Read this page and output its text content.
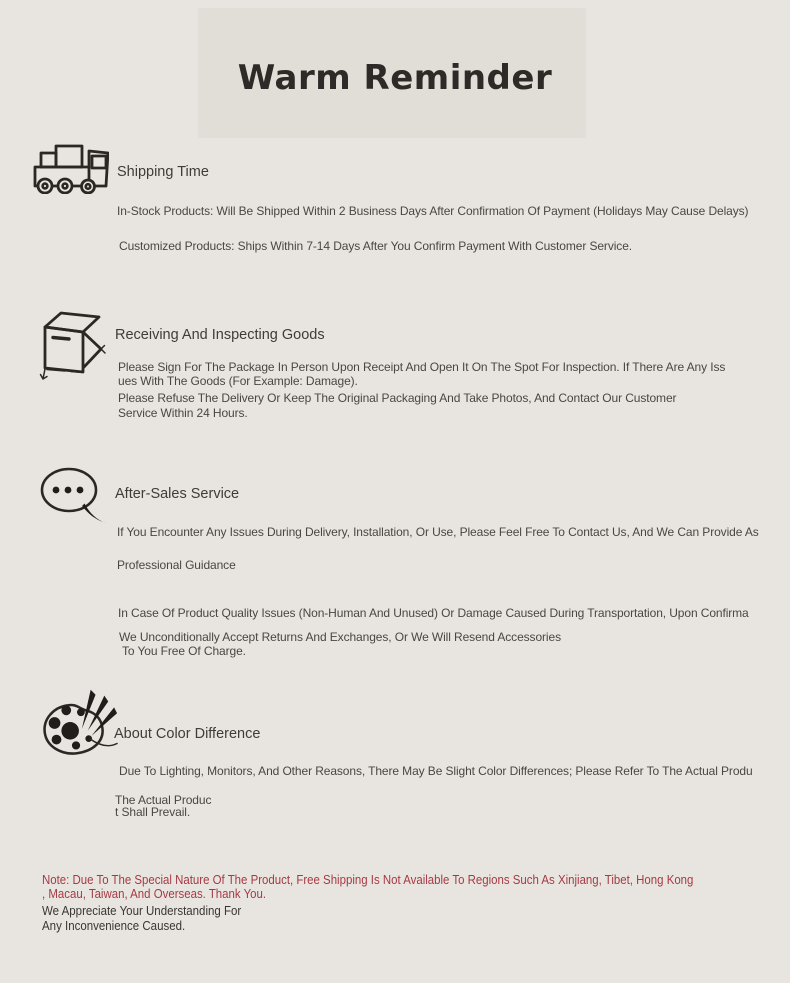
Warm Reminder
Shipping Time
In-Stock Products: Will Be Shipped Within 2 Business Days After Confirmation Of Payment (Holidays May Cause Delays)
Customized Products: Ships Within 7-14 Days After You Confirm Payment With Customer Service.
Receiving And Inspecting Goods
Please Sign For The Package In Person Upon Receipt And Open It On The Spot For Inspection. If There Are Any Iss
ues With The Goods (For Example: Damage).
Please Refuse The Delivery Or Keep The Original Packaging And Take Photos, And Contact Our Customer
Service Within 24 Hours.
After-Sales Service
If You Encounter Any Issues During Delivery, Installation, Or Use, Please Feel Free To Contact Us, And We Can Provide As
Professional Guidance
In Case Of Product Quality Issues (Non-Human And Unused) Or Damage Caused During Transportation, Upon Confirma
We Unconditionally Accept Returns And Exchanges, Or We Will Resend Accessories
To You Free Of Charge.
About Color Difference
Due To Lighting, Monitors, And Other Reasons, There May Be Slight Color Differences; Please Refer To The Actual Produ
The Actual Produc
t Shall Prevail.
Note: Due To The Special Nature Of The Product, Free Shipping Is Not Available To Regions Such As Xinjiang, Tibet, Hong Kong
, Macau, Taiwan, And Overseas. Thank You.
We Appreciate Your Understanding For
Any Inconvenience Caused.
